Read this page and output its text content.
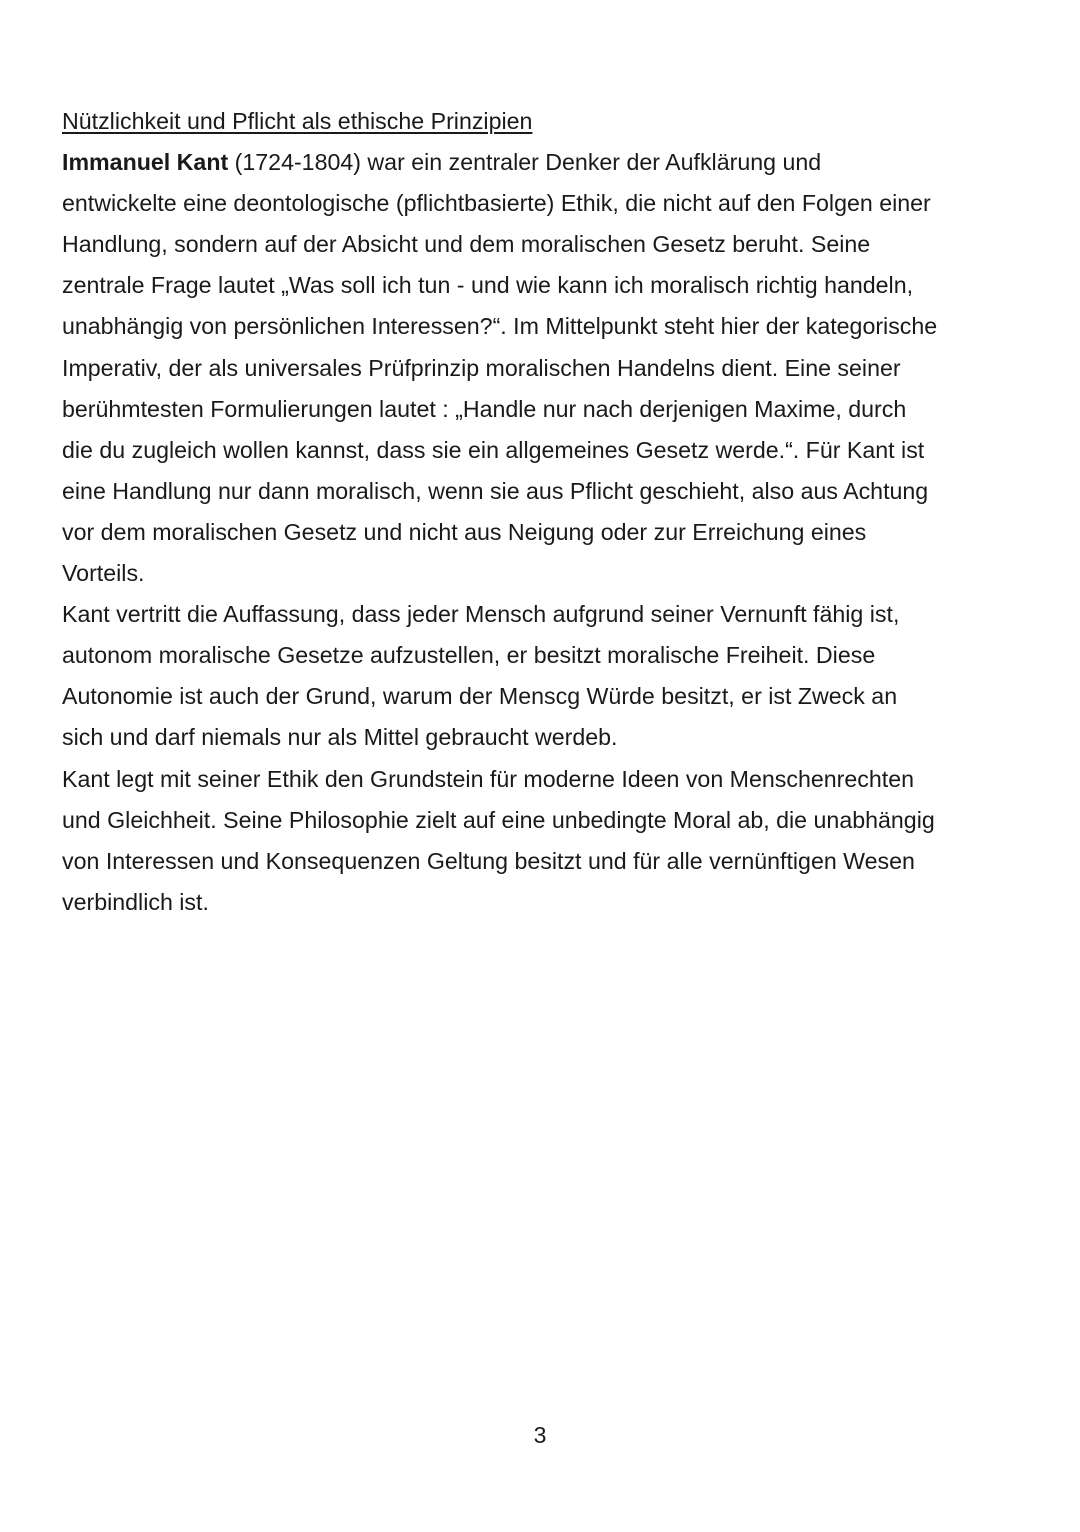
Nützlichkeit und Pflicht als ethische Prinzipien
Immanuel Kant (1724-1804) war ein zentraler Denker der Aufklärung und
entwickelte eine deontologische (pflichtbasierte) Ethik, die nicht auf den Folgen einer
Handlung, sondern auf der Absicht und dem moralischen Gesetz beruht. Seine
zentrale Frage lautet „Was soll ich tun - und wie kann ich moralisch richtig handeln,
unabhängig von persönlichen Interessen?“. Im Mittelpunkt steht hier der kategorische
Imperativ, der als universales Prüfprinzip moralischen Handelns dient. Eine seiner
berühmtesten Formulierungen lautet : „Handle nur nach derjenigen Maxime, durch
die du zugleich wollen kannst, dass sie ein allgemeines Gesetz werde.“. Für Kant ist
eine Handlung nur dann moralisch, wenn sie aus Pflicht geschieht, also aus Achtung
vor dem moralischen Gesetz und nicht aus Neigung oder zur Erreichung eines
Vorteils.
Kant vertritt die Auffassung, dass jeder Mensch aufgrund seiner Vernunft fähig ist,
autonom moralische Gesetze aufzustellen, er besitzt moralische Freiheit. Diese
Autonomie ist auch der Grund, warum der Menscg Würde besitzt, er ist Zweck an
sich und darf niemals nur als Mittel gebraucht werdeb.
Kant legt mit seiner Ethik den Grundstein für moderne Ideen von Menschenrechten
und Gleichheit. Seine Philosophie zielt auf eine unbedingte Moral ab, die unabhängig
von Interessen und Konsequenzen Geltung besitzt und für alle vernünftigen Wesen
verbindlich ist.
3
